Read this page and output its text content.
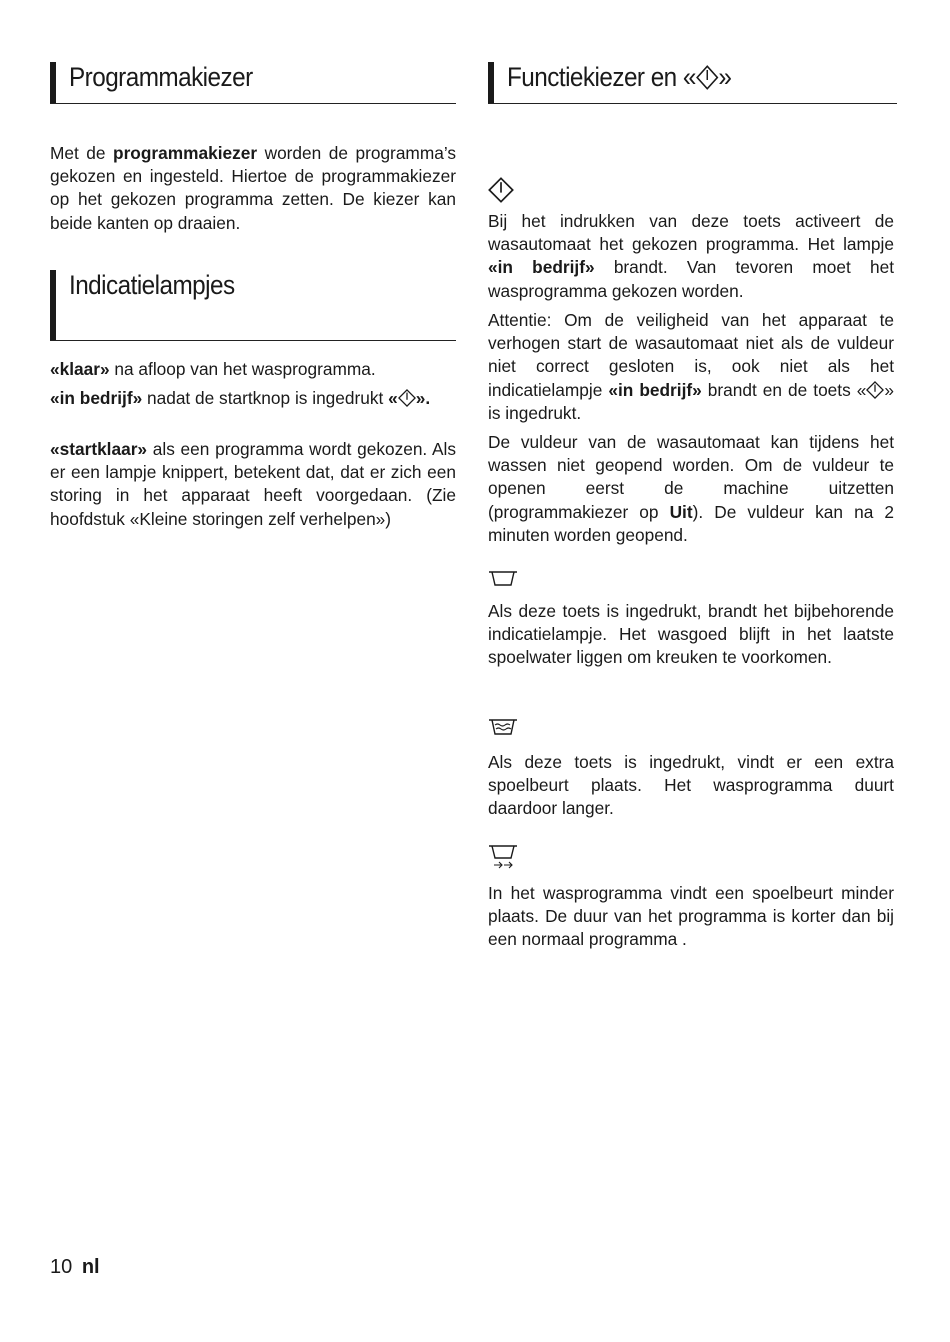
Programmakiezer

Met de programmakiezer worden de programma’s gekozen en ingesteld. Hiertoe de programmakiezer op het gekozen programma zetten. De kiezer kan beide kanten op draaien.

Indicatielampjes

«klaar» na afloop van het wasprogramma.

«in bedrijf» nadat de startknop is ingedrukt « ».

«startklaar» als een programma wordt gekozen. Als er een lampje knippert, betekent dat, dat er zich een storing in het apparaat heeft voorgedaan. (Zie hoofdstuk «Kleine storingen zelf verhelpen»)

Functiekiezer en « »

Bij het indrukken van deze toets activeert de wasautomaat het gekozen programma. Het lampje «in bedrijf» brandt. Van tevoren moet het wasprogramma gekozen worden.

Attentie: Om de veiligheid van het apparaat te verhogen start de wasautomaat niet als de vuldeur niet correct gesloten is, ook niet als het indicatielampje «in bedrijf» brandt en de toets « » is ingedrukt.

De vuldeur van de wasautomaat kan tijdens het wassen niet geopend worden. Om de vuldeur te openen eerst de machine uitzetten (programmakiezer op Uit). De vuldeur kan na 2 minuten worden geopend.

Als deze toets is ingedrukt, brandt het bijbehorende indicatielampje. Het wasgoed blijft in het laatste spoelwater liggen om kreuken te voorkomen.

Als deze toets is ingedrukt, vindt er een extra spoelbeurt plaats. Het wasprogramma duurt daardoor langer.

In het wasprogramma vindt een spoelbeurt minder plaats. De duur van het programma is korter dan bij een normaal programma .

10 nl
